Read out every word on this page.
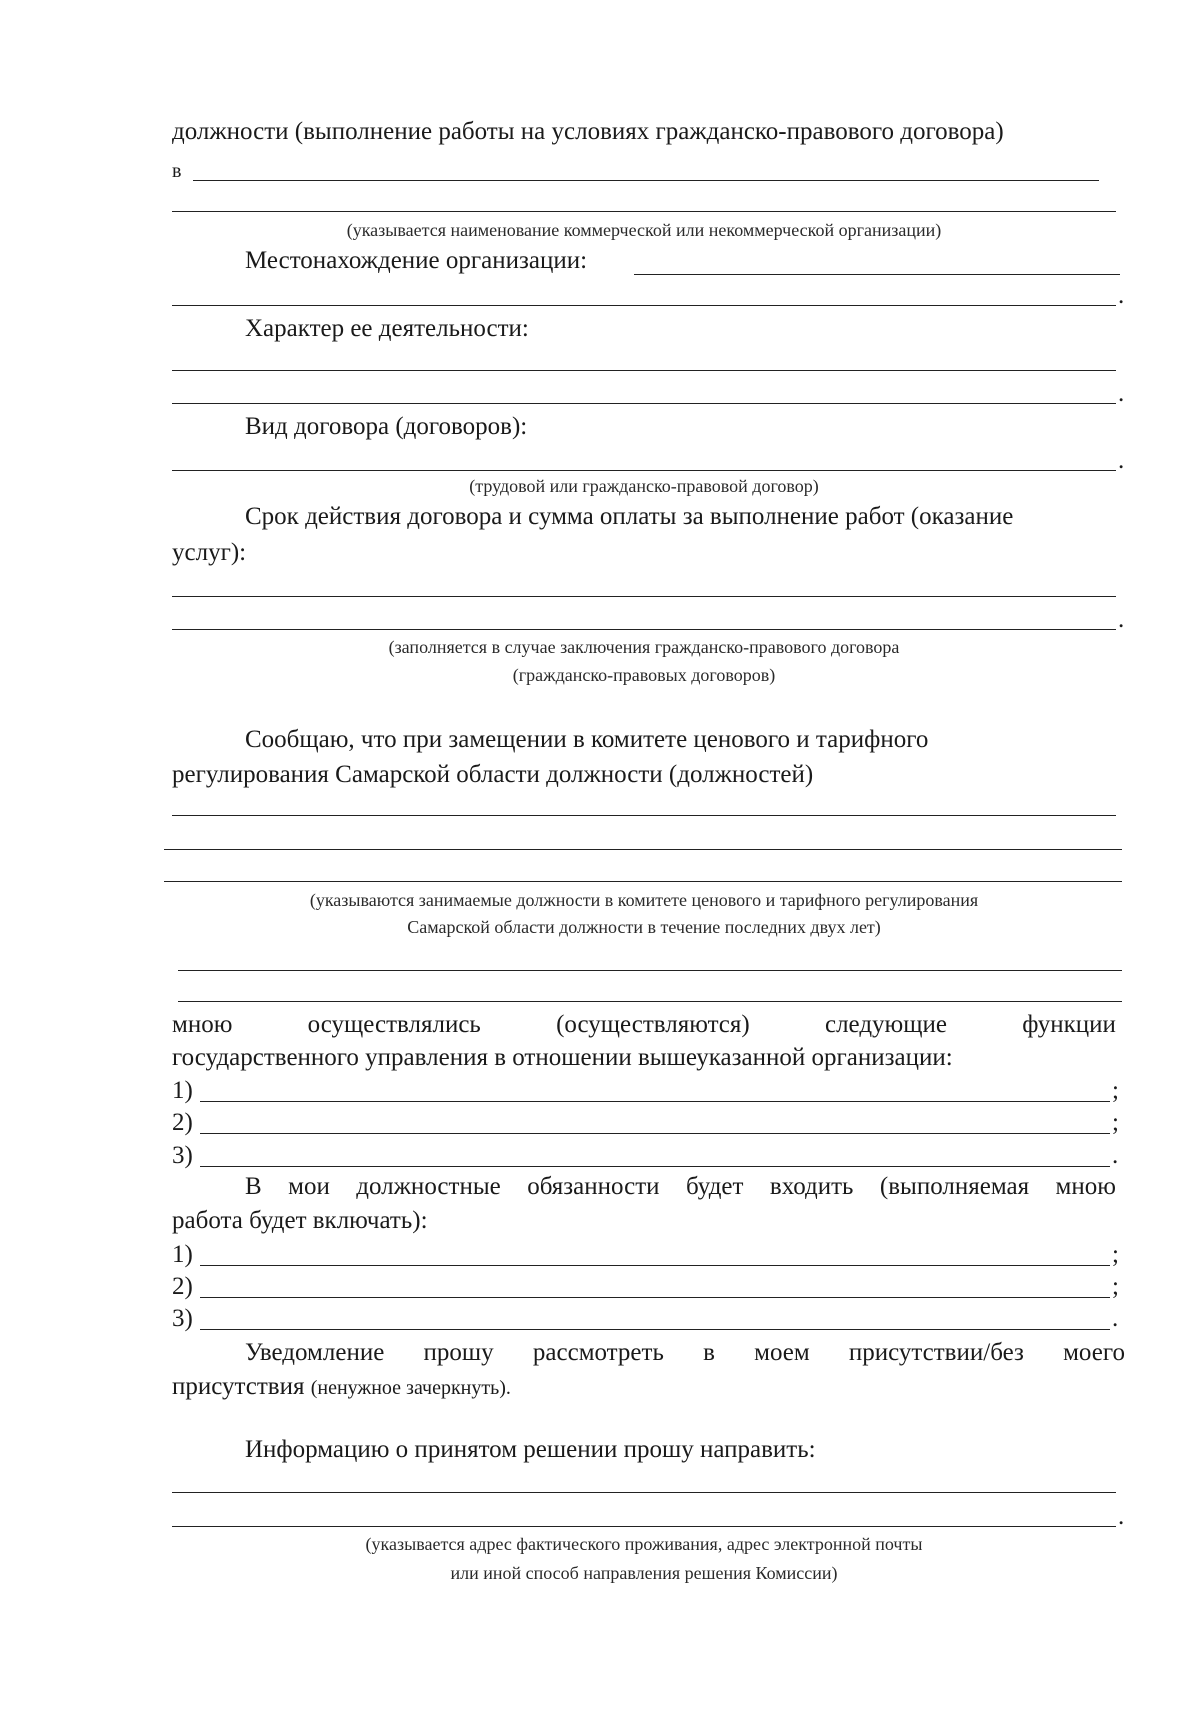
должности (выполнение работы на условиях гражданско-правового договора)
в
(указывается наименование коммерческой или некоммерческой организации)
Местонахождение организации:
.
Характер ее деятельности:
.
Вид договора (договоров):
.
(трудовой или гражданско-правовой договор)
Срок действия договора и сумма оплаты за выполнение работ (оказание
услуг):
.
(заполняется в случае заключения гражданско-правового договора
(гражданско-правовых договоров)
Сообщаю, что при замещении в комитете ценового и тарифного
регулирования Самарской области должности (должностей)
(указываются занимаемые должности в комитете ценового и тарифного регулирования
Самарской области должности в течение последних двух лет)
мною	осуществлялись	(осуществляются)	следующие	функции
государственного управления в отношении вышеуказанной организации:
1)	;
2)	;
3)	.
В мои должностные обязанности будет входить (выполняемая мною
работа будет включать):
1)	;
2)	;
3)	.
Уведомление прошу рассмотреть в моем присутствии/без моего
присутствия (ненужное зачеркнуть).
Информацию о принятом решении прошу направить:
.
(указывается адрес фактического проживания, адрес электронной почты
или иной способ направления решения Комиссии)
